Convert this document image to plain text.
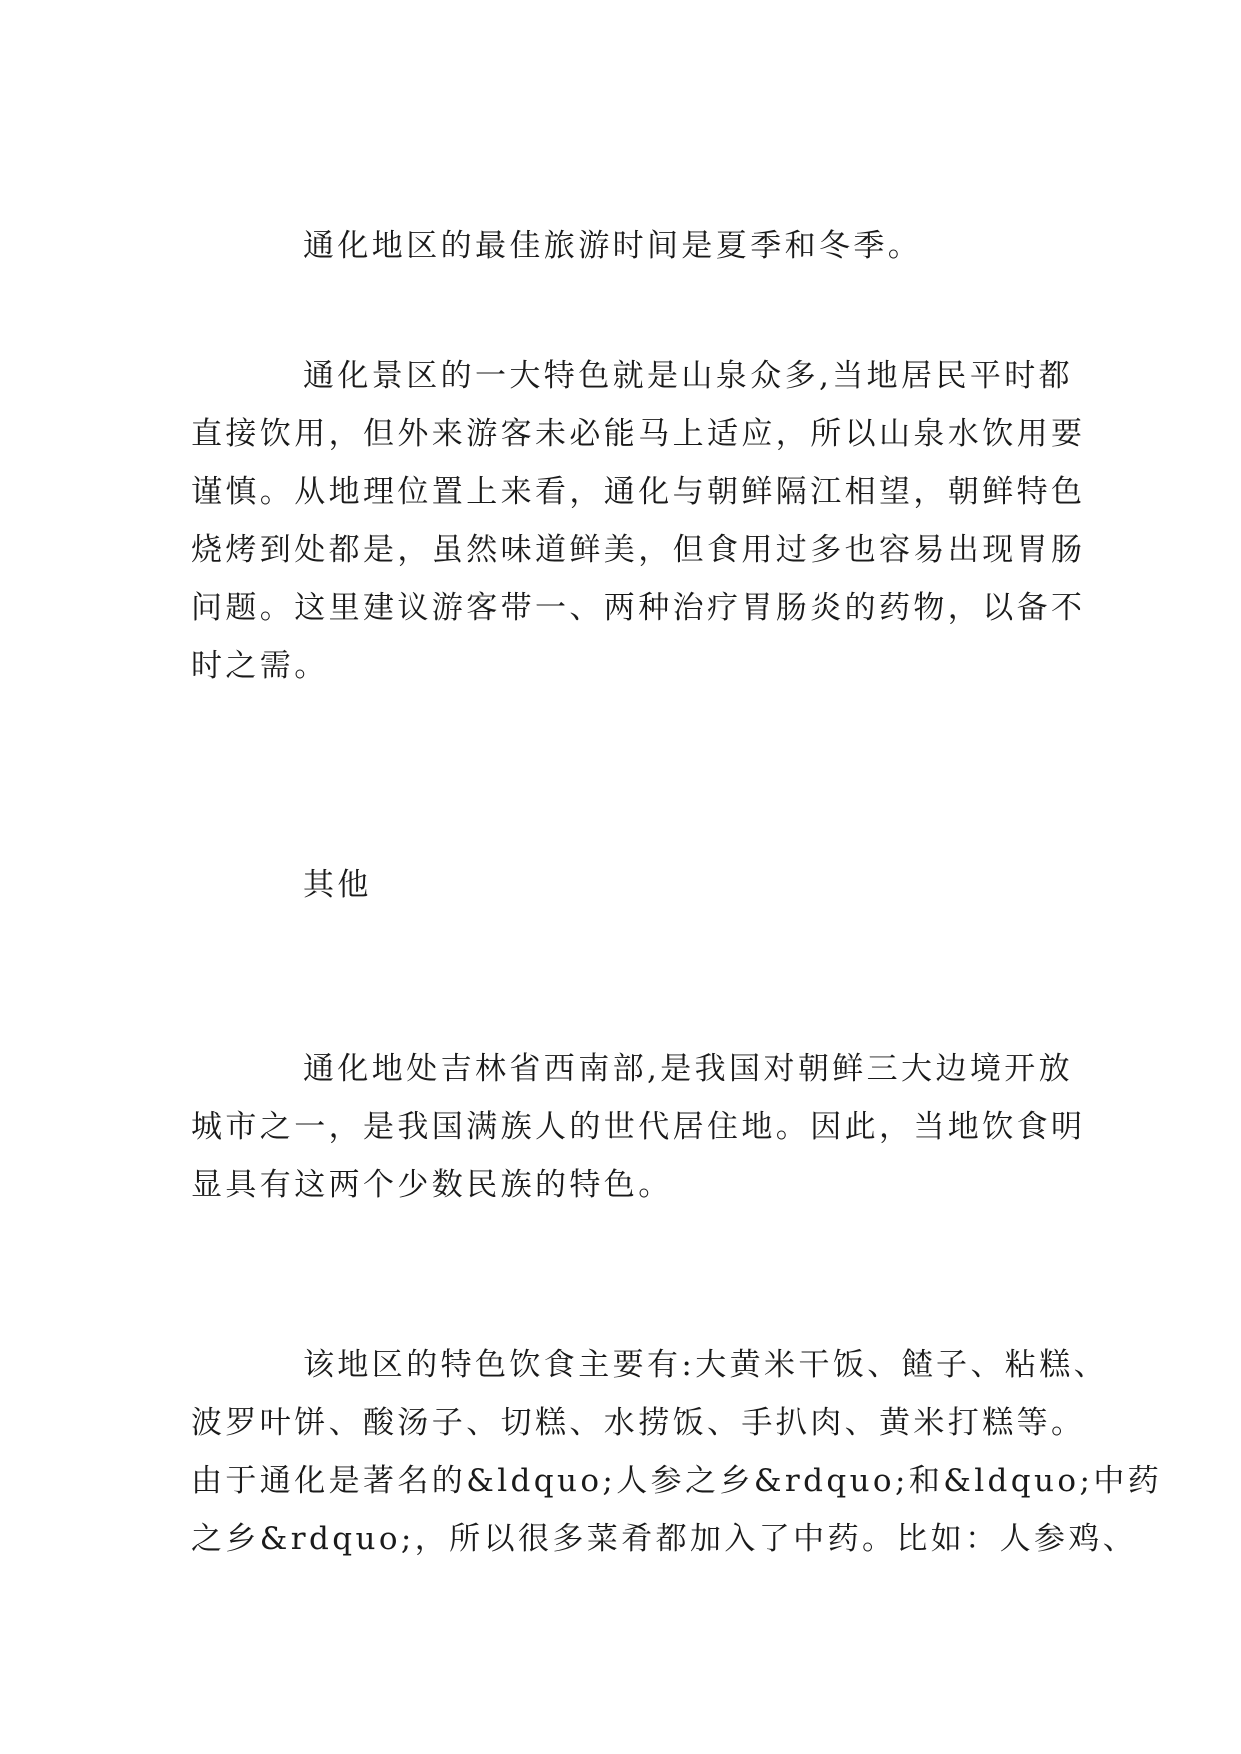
通化地区的最佳旅游时间是夏季和冬季。
通化景区的一大特色就是山泉众多,当地居民平时都
直接饮用，但外来游客未必能马上适应，所以山泉水饮用要
谨慎。从地理位置上来看，通化与朝鲜隔江相望，朝鲜特色
烧烤到处都是，虽然味道鲜美，但食用过多也容易出现胃肠
问题。这里建议游客带一、两种治疗胃肠炎的药物，以备不
时之需。
其他
通化地处吉林省西南部,是我国对朝鲜三大边境开放
城市之一，是我国满族人的世代居住地。因此，当地饮食明
显具有这两个少数民族的特色。
该地区的特色饮食主要有:大黄米干饭、餷子、粘糕、
波罗叶饼、酸汤子、切糕、水捞饭、手扒肉、黄米打糕等。
由于通化是著名的&ldquo;人参之乡&rdquo;和&ldquo;中药
之乡&rdquo;，所以很多菜肴都加入了中药。比如：人参鸡、
